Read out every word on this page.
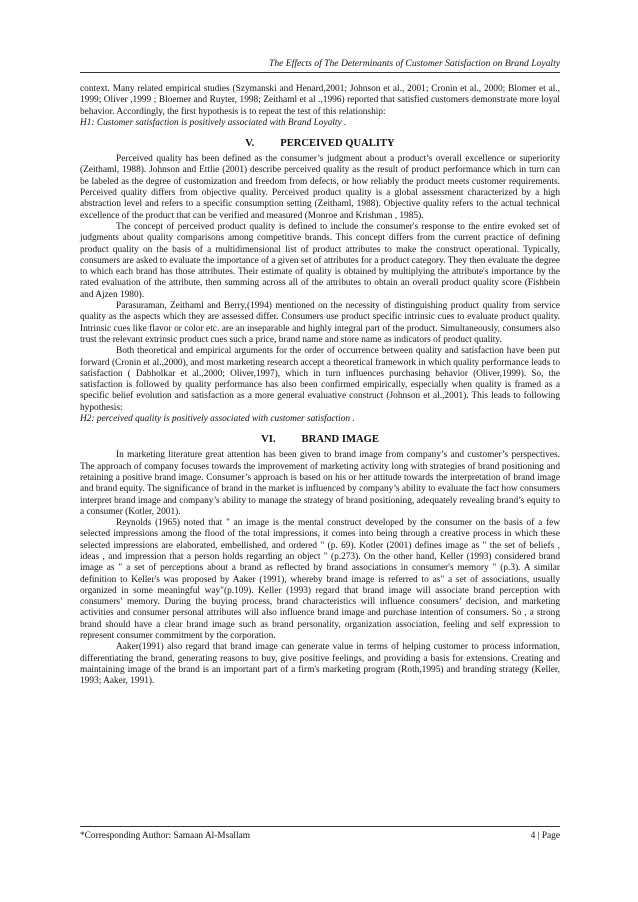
The Effects of The Determinants of Customer Satisfaction on Brand Loyalty

context. Many related empirical studies (Szymanski and Henard,2001; Johnson et al., 2001; Cronin et al., 2000; Blomer et al., 1999; Oliver ,1999 ; Bloemer and Ruyter, 1998; Zeithaml et al .,1996) reported that satisfied customers demonstrate more loyal behavior. Accordingly, the first hypothesis is to repeat the test of this relationship:

H1: Customer satisfaction is positively associated with Brand Loyalty .

V. PERCEIVED QUALITY

Perceived quality has been defined as the consumer’s judgment about a product’s overall excellence or superiority (Zeithaml, 1988). Johnson and Ettlie (2001) describe perceived quality as the result of product performance which in turn can be labeled as the degree of customization and freedom from defects, or how reliably the product meets customer requirements. Perceived quality differs from objective quality. Perceived product quality is a global assessment characterized by a high abstraction level and refers to a specific consumption setting (Zeithaml, 1988). Objective quality refers to the actual technical excellence of the product that can be verified and measured (Monroe and Krishman , 1985).

The concept of perceived product quality is defined to include the consumer's response to the entire evoked set of judgments about quality comparisons among competitive brands. This concept differs from the current practice of defining product quality on the basis of a multidimensional list of product attributes to make the construct operational. Typically, consumers are asked to evaluate the importance of a given set of attributes for a product category. They then evaluate the degree to which each brand has those attributes. Their estimate of quality is obtained by multiplying the attribute's importance by the rated evaluation of the attribute, then summing across all of the attributes to obtain an overall product quality score (Fishbein and Ajzen 1980).

Parasuraman, Zeithaml and Berry,(1994) mentioned on the necessity of distinguishing product quality from service quality as the aspects which they are assessed differ. Consumers use product specific intrinsic cues to evaluate product quality. Intrinsic cues like flavor or color etc. are an inseparable and highly integral part of the product. Simultaneously, consumers also trust the relevant extrinsic product cues such a price, brand name and store name as indicators of product quality.

Both theoretical and empirical arguments for the order of occurrence between quality and satisfaction have been put forward (Cronin et al.,2000), and most marketing research accept a theoretical framework in which quality performance leads to satisfaction ( Dabholkar et al.,2000; Oliver,1997), which in turn influences purchasing behavior (Oliver,1999). So, the satisfaction is followed by quality performance has also been confirmed empirically, especially when quality is framed as a specific belief evolution and satisfaction as a more general evaluative construct (Johnson et al.,2001). This leads to following hypothesis:

H2: perceived quality is positively associated with customer satisfaction .

VI. BRAND IMAGE

In marketing literature great attention has been given to brand image from company’s and customer’s perspectives. The approach of company focuses towards the improvement of marketing activity long with strategies of brand positioning and retaining a positive brand image. Consumer’s approach is based on his or her attitude towards the interpretation of brand image and brand equity. The significance of brand in the market is influenced by company’s ability to evaluate the fact how consumers interpret brand image and company’s ability to manage the strategy of brand positioning, adequately revealing brand’s equity to a consumer (Kotler, 2001).

Reynolds (1965) noted that " an image is the mental construct developed by the consumer on the basis of a few selected impressions among the flood of the total impressions, it comes into being through a creative process in which these selected impressions are elaborated, embellished, and ordered " (p. 69). Kotler (2001) defines image as " the set of beliefs , ideas , and impression that a person holds regarding an object " (p.273). On the other hand, Keller (1993) considered brand image as " a set of perceptions about a brand as reflected by brand associations in consumer's memory " (p.3). A similar definition to Keller's was proposed by Aaker (1991), whereby brand image is referred to as" a set of associations, usually organized in some meaningful way"(p.109). Keller (1993) regard that brand image will associate brand perception with consumers’ memory. During the buying process, brand characteristics will influence consumers’ decision, and marketing activities and consumer personal attributes will also influence brand image and purchase intention of consumers. So , a strong brand should have a clear brand image such as brand personality, organization association, feeling and self expression to represent consumer commitment by the corporation.

Aaker(1991) also regard that brand image can generate value in terms of helping customer to process information, differentiating the brand, generating reasons to buy, give positive feelings, and providing a basis for extensions. Creating and maintaining image of the brand is an important part of a firm's marketing program (Roth,1995) and branding strategy (Keller, 1993; Aaker, 1991).

*Corresponding Author: Samaan Al-Msallam	4 | Page
